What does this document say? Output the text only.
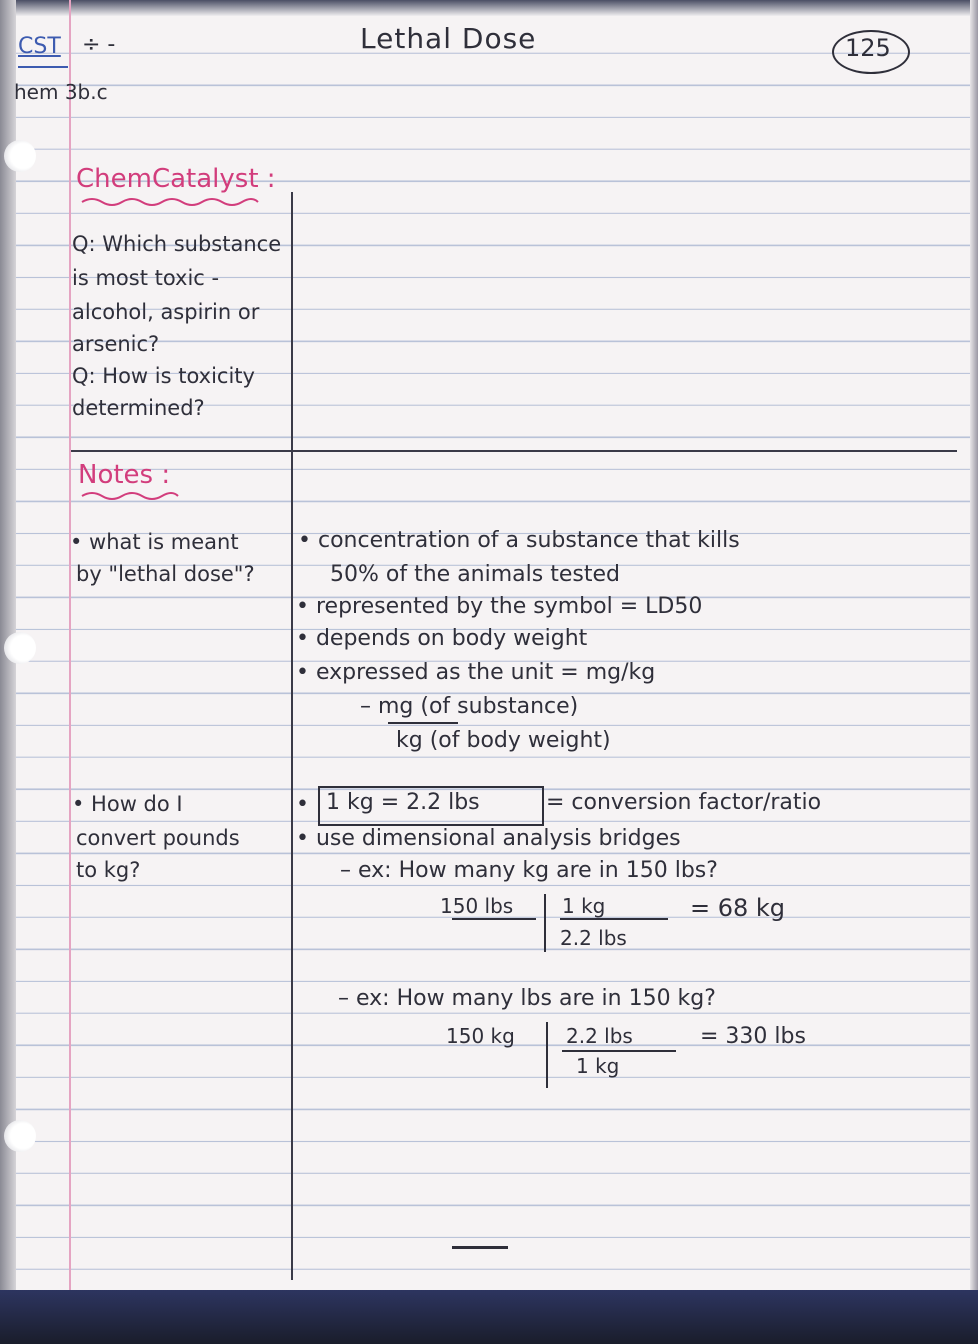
CST ÷ -
hem 3b.c
Lethal Dose	125
ChemCatalyst :
Q: Which substance
is most toxic -
alcohol, aspirin or
arsenic?
Q: How is toxicity
determined?
Notes :
• what is meant
by "lethal dose"?
• concentration of a substance that kills
50% of the animals tested
• represented by the symbol = LD50
• depends on body weight
• expressed as the unit = mg/kg
– mg (of substance)
kg (of body weight)
• How do I
convert pounds
to kg?
• 1 kg = 2.2 lbs	= conversion factor/ratio
• use dimensional analysis bridges
– ex: How many kg are in 150 lbs?
150 lbs 1 kg
2.2 lbs
= 68 kg
– ex: How many lbs are in 150 kg?
150 kg	2.2 lbs
1 kg
= 330 lbs
